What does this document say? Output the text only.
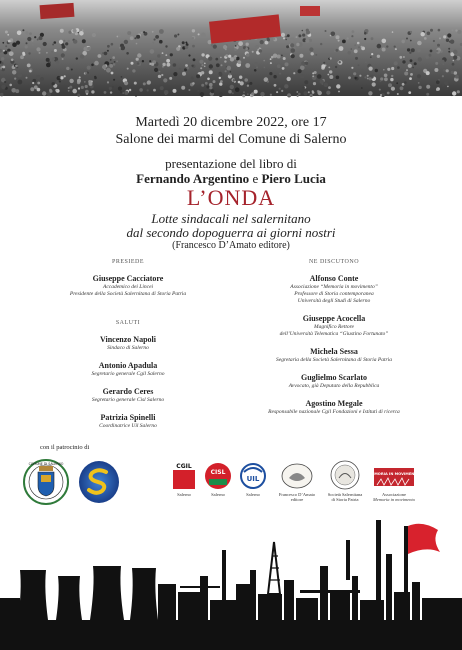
Martedì 20 dicembre 2022, ore 17
Salone dei marmi del Comune di Salerno
presentazione del libro di
Fernando Argentino e Piero Lucia
L’ONDA
Lotte sindacali nel salernitano
dal secondo dopoguerra ai giorni nostri
(Francesco D’Amato editore)
PRESIEDE
Giuseppe Cacciatore
Accademico dei Lincei
Presidente della Società Salernitana di Storia Patria
SALUTI
Vincenzo Napoli
Sindaco di Salerno
Antonio Apadula
Segretario generale Cgil Salerno
Gerardo Ceres
Segretario generale Cisl Salerno
Patrizia Spinelli
Coordinatrice Uil Salerno
NE DISCUTONO
Alfonso Conte
Associazione “Memoria in movimento”
Professore di Storia contemporanea
Università degli Studi di Salerno
Giuseppe Acocella
Magnifico Rettore
dell’Università Telematica “Giustino Fortunato”
Michela Sessa
Segretaria della Società Salernitana di Storia Patria
Guglielmo Scarlato
Avvocato, già Deputato della Repubblica
Agostino Megale
Responsabile nazionale Cgil Fondazioni e Istituti di ricerca
con il patrocinio di
COMUNE DI SALERNO	CGIL
Salerno
CISL
Salerno
UIL
Salerno	Francesco D’Amato
editore
Società Salernitana
di Storia Patria
MEMORIA IN MOVIMENTO
Associazione
Memoria in movimento
